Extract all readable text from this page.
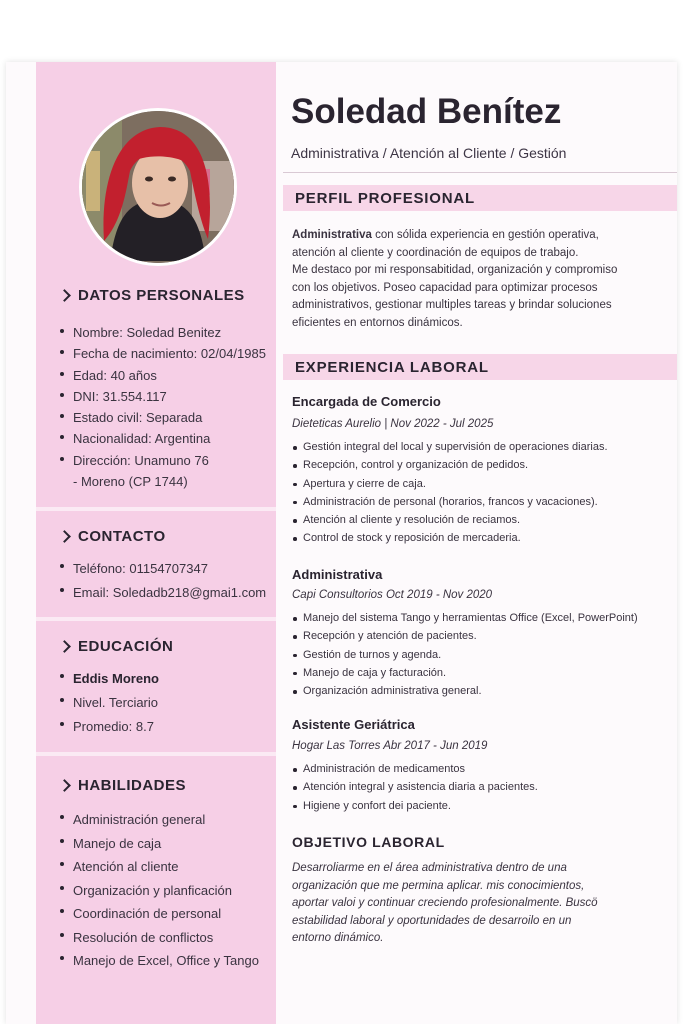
DATOS PERSONALES
Nombre: Soledad Benitez
Fecha de nacimiento: 02/04/1985
Edad: 40 años
DNI: 31.554.117
Estado civil: Separada
Nacionalidad: Argentina
Dirección: Unamuno 76
- Moreno (CP 1744)
CONTACTO
Teléfono: 01154707347
Email: Soledadb218@gmai1.com
EDUCACIÓN
Eddis Moreno
Nivel. Terciario
Promedio: 8.7
HABILIDADES
Administración general
Manejo de caja
Atención al cliente
Organización y planficación
Coordinación de personal
Resolución de conflictos
Manejo de Excel, Office y Tango
Soledad Benítez
Administrativa / Atención al Cliente / Gestión
PERFIL PROFESIONAL
Administrativa con sólida experiencia en gestión operativa,
atención al cliente y coordinación de equipos de trabajo.
Me destaco por mi responsabitidad, organización y compromiso
con los objetivos. Poseo capacidad para optimizar procesos
administrativos, gestionar multiples tareas y brindar soluciones
eficientes en entornos dinámicos.
EXPERIENCIA LABORAL
Encargada de Comercio
Dieteticas Aurelio | Nov 2022 - Jul 2025
Gestión integral del local y supervisión de operaciones diarias.
Recepción, control y organización de pedidos.
Apertura y cierre de caja.
Administración de personal (horarios, francos y vacaciones).
Atención al cliente y resolución de reciamos.
Control de stock y reposición de mercaderia.
Administrativa
Capi Consultorios Oct 2019 - Nov 2020
Manejo del sistema Tango y herramientas Office (Excel, PowerPoint)
Recepción y atención de pacientes.
Gestión de turnos y agenda.
Manejo de caja y facturación.
Organización administrativa general.
Asistente Geriátrica
Hogar Las Torres Abr 2017 - Jun 2019
Administración de medicamentos
Atención integral y asistencia diaria a pacientes.
Higiene y confort dei paciente.
OBJETIVO LABORAL
Desarroliarme en el área administrativa dentro de una
organización que me permina aplicar. mis conocimientos,
aportar valoi y continuar creciendo profesionalmente. Buscö
estabilidad laboral y oportunidades de desarroilo en un
entorno dinámico.
